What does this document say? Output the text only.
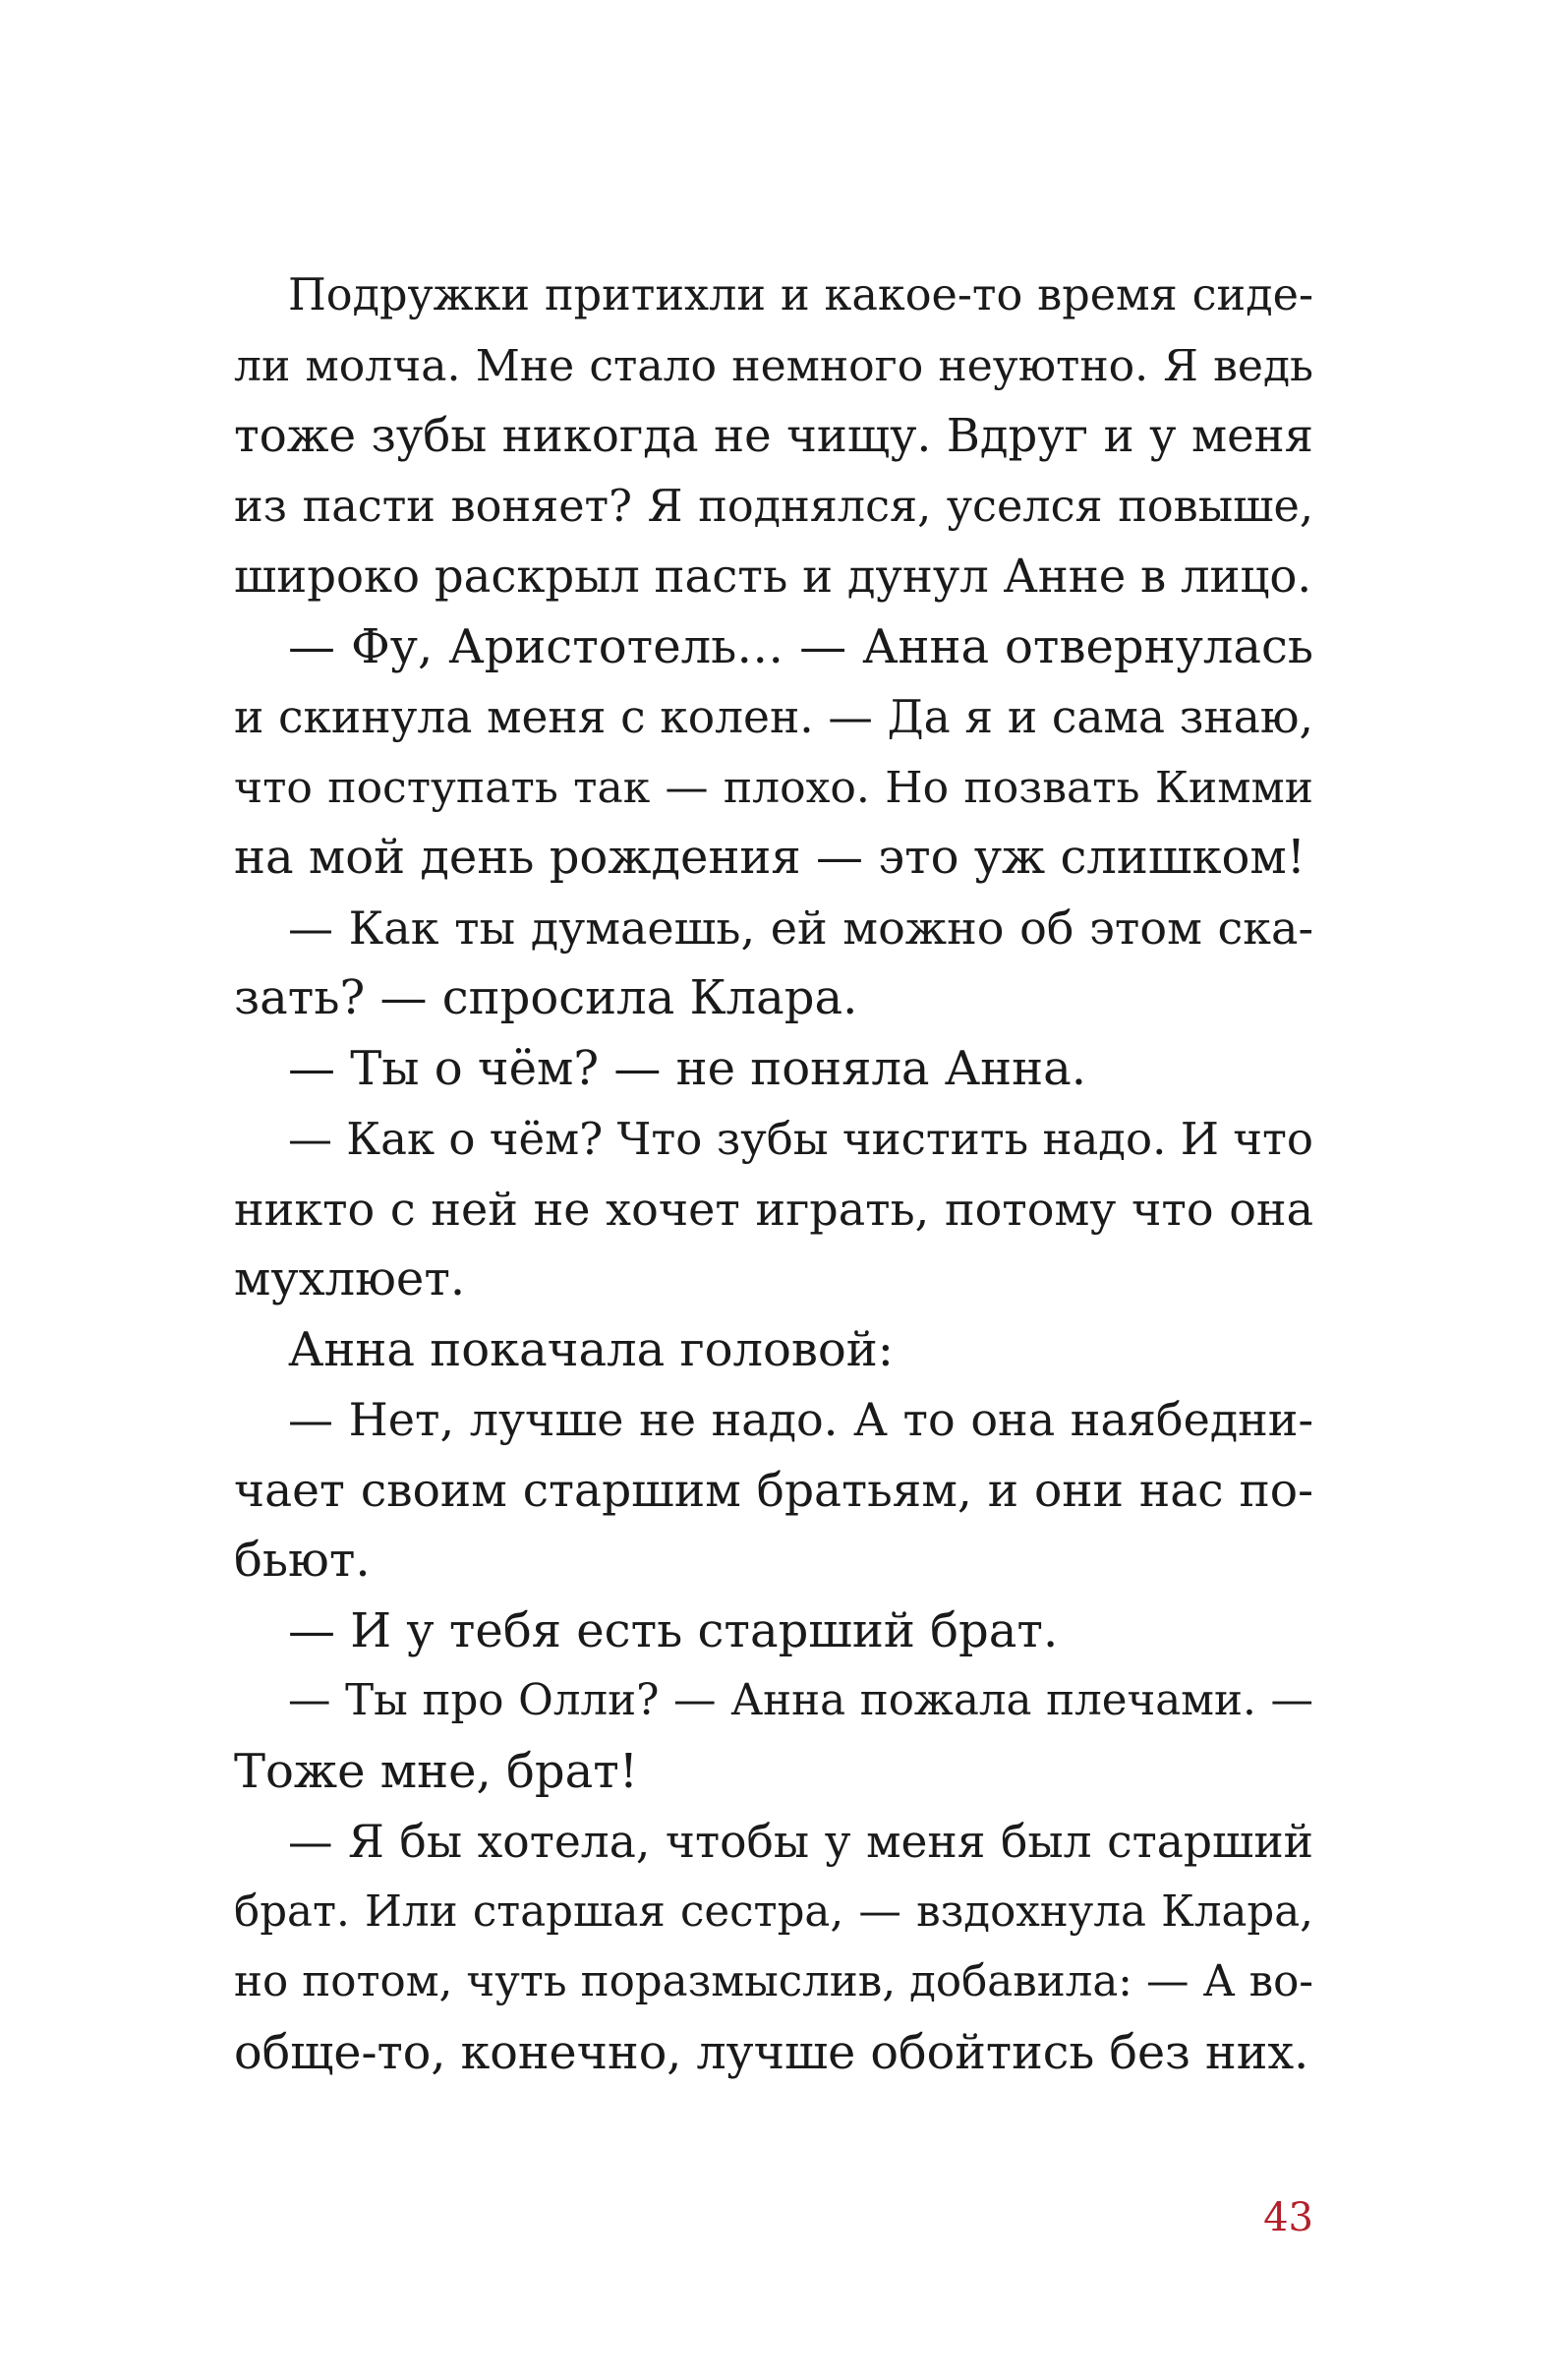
Подружки притихли и какое-то время сиде-
ли молча. Мне стало немного неуютно. Я ведь
тоже зубы никогда не чищу. Вдруг и у меня
из пасти воняет? Я поднялся, уселся повыше,
широко раскрыл пасть и дунул Анне в лицо.
— Фу, Аристотель… — Анна отвернулась
и скинула меня с колен. — Да я и сама знаю,
что поступать так — плохо. Но позвать Кимми
на мой день рождения — это уж слишком!
— Как ты думаешь, ей можно об этом ска-
зать? — спросила Клара.
— Ты о чём? — не поняла Анна.
— Как о чём? Что зубы чистить надо. И что
никто с ней не хочет играть, потому что она
мухлюет.
Анна покачала головой:
— Нет, лучше не надо. А то она наябедни-
чает своим старшим братьям, и они нас по-
бьют.
— И у тебя есть старший брат.
— Ты про Олли? — Анна пожала плечами. —
Тоже мне, брат!
— Я бы хотела, чтобы у меня был старший
брат. Или старшая сестра, — вздохнула Клара,
но потом, чуть поразмыслив, добавила: — А во-
обще-то, конечно, лучше обойтись без них.
43
